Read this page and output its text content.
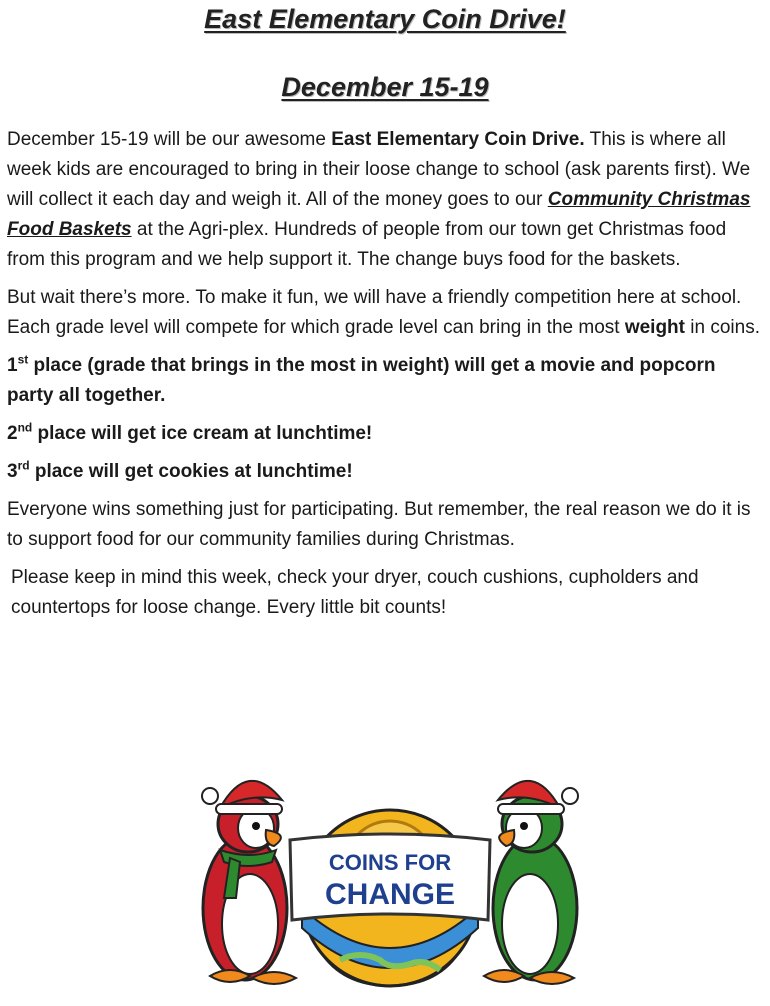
East Elementary Coin Drive!
December 15-19

December 15-19 will be our awesome East Elementary Coin Drive. This is where all week kids are encouraged to bring in their loose change to school (ask parents first). We will collect it each day and weigh it. All of the money goes to our Community Christmas Food Baskets at the Agri-plex. Hundreds of people from our town get Christmas food from this program and we help support it. The change buys food for the baskets.

But wait there’s more. To make it fun, we will have a friendly competition here at school. Each grade level will compete for which grade level can bring in the most weight in coins.

1st place (grade that brings in the most in weight) will get a movie and popcorn party all together.

2nd place will get ice cream at lunchtime!

3rd place will get cookies at lunchtime!

Everyone wins something just for participating. But remember, the real reason we do it is to support food for our community families during Christmas.

Please keep in mind this week, check your dryer, couch cushions, cupholders and countertops for loose change. Every little bit counts!

COINS FOR
CHANGE
